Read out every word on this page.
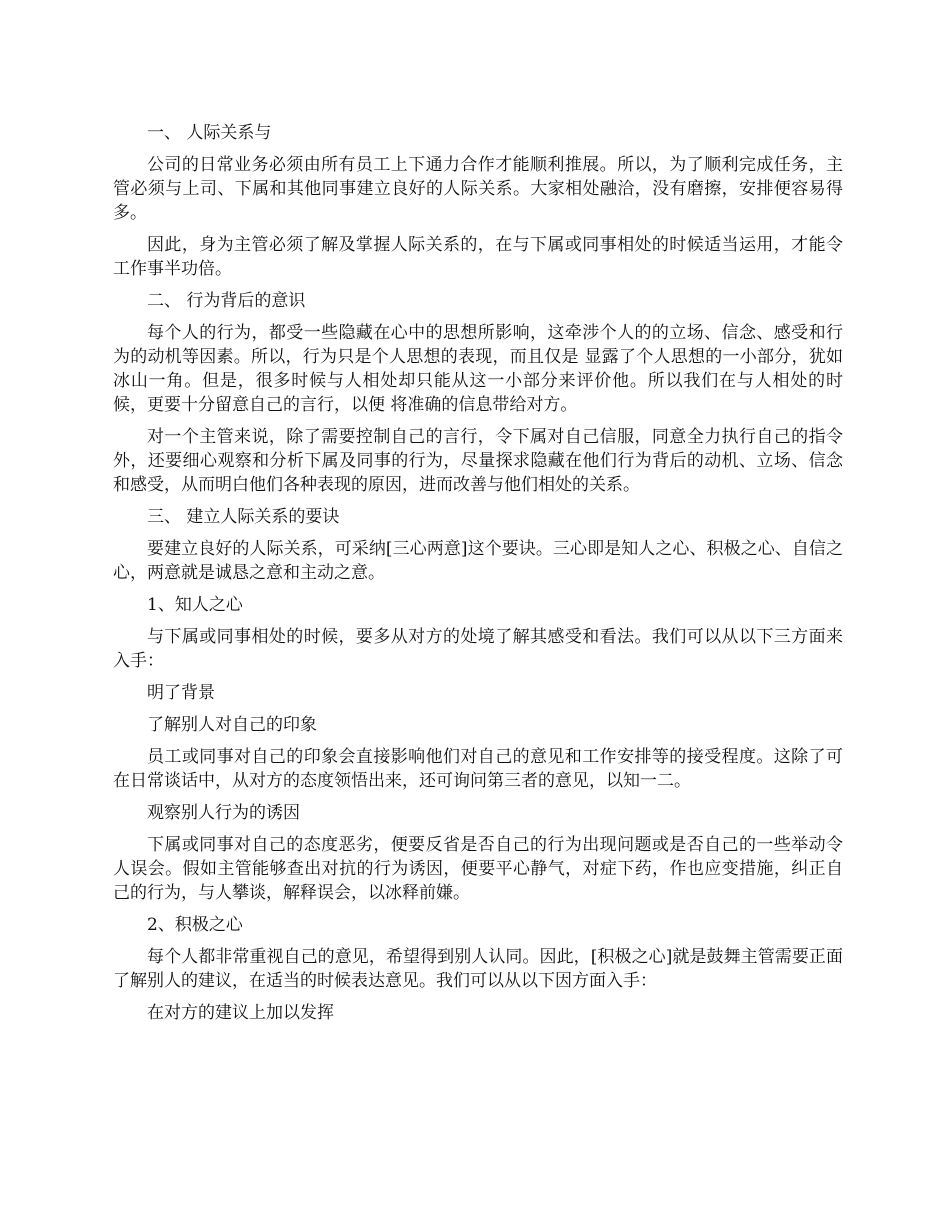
一、 人际关系与

公司的日常业务必须由所有员工上下通力合作才能顺利推展。所以，为了顺利完成任务，主管必须与上司、下属和其他同事建立良好的人际关系。大家相处融洽，没有磨擦，安排便容易得多。

因此，身为主管必须了解及掌握人际关系的，在与下属或同事相处的时候适当运用，才能令工作事半功倍。

二、 行为背后的意识

每个人的行为，都受一些隐藏在心中的思想所影响，这牵涉个人的的立场、信念、感受和行为的动机等因素。所以，行为只是个人思想的表现，而且仅是 显露了个人思想的一小部分，犹如冰山一角。但是，很多时候与人相处却只能从这一小部分来评价他。所以我们在与人相处的时候，更要十分留意自己的言行，以便 将准确的信息带给对方。

对一个主管来说，除了需要控制自己的言行，令下属对自己信服，同意全力执行自己的指令外，还要细心观察和分析下属及同事的行为，尽量探求隐藏在他们行为背后的动机、立场、信念和感受，从而明白他们各种表现的原因，进而改善与他们相处的关系。

三、 建立人际关系的要诀

要建立良好的人际关系，可采纳[三心两意]这个要诀。三心即是知人之心、积极之心、自信之心，两意就是诚恳之意和主动之意。

1、知人之心

与下属或同事相处的时候，要多从对方的处境了解其感受和看法。我们可以从以下三方面来入手：

明了背景

了解别人对自己的印象

员工或同事对自己的印象会直接影响他们对自己的意见和工作安排等的接受程度。这除了可在日常谈话中，从对方的态度领悟出来，还可询问第三者的意见，以知一二。

观察别人行为的诱因

下属或同事对自己的态度恶劣，便要反省是否自己的行为出现问题或是否自己的一些举动令人误会。假如主管能够查出对抗的行为诱因，便要平心静气，对症下药，作也应变措施，纠正自己的行为，与人攀谈，解释误会，以冰释前嫌。

2、积极之心

每个人都非常重视自己的意见，希望得到别人认同。因此，[积极之心]就是鼓舞主管需要正面了解别人的建议，在适当的时候表达意见。我们可以从以下因方面入手：

在对方的建议上加以发挥
